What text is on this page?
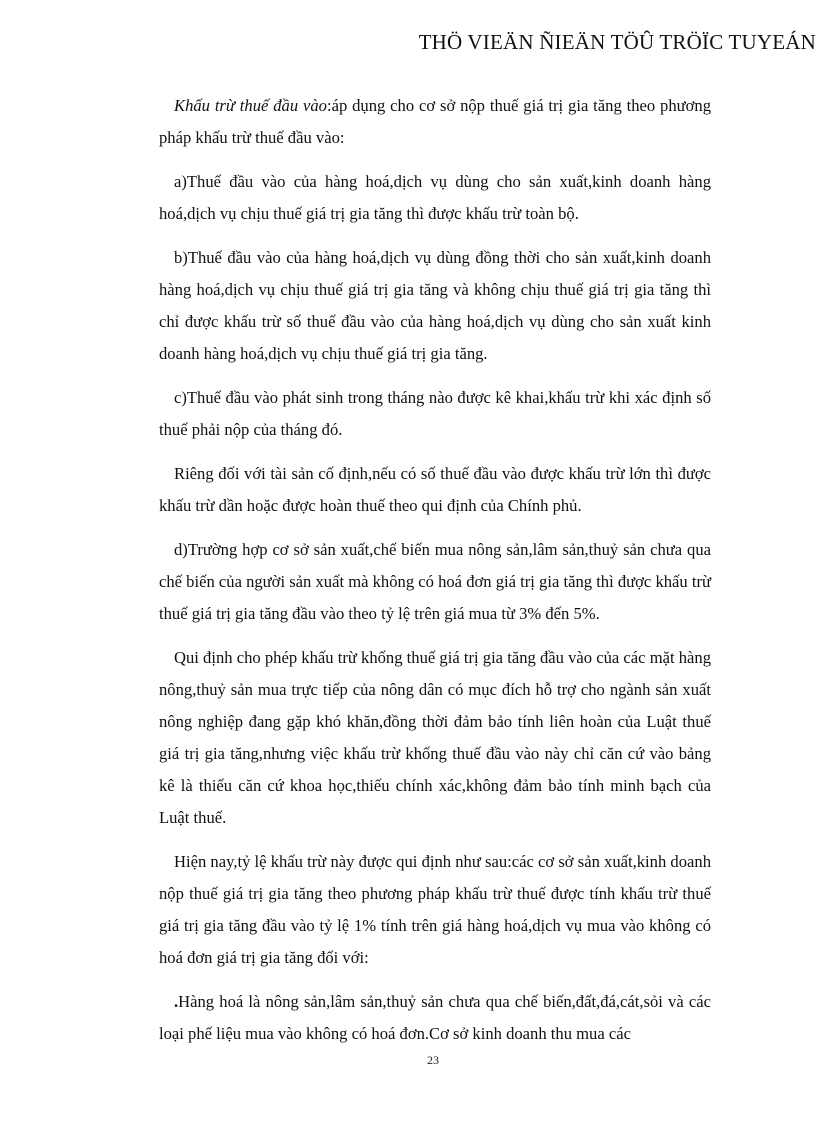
THÖ VIEÄN ÑIEÄN TÖÛ TRÖÏC TUYEÁN

Khấu trừ thuế đầu vào:áp dụng cho cơ sở nộp thuế giá trị gia tăng theo phương pháp khấu trừ thuế đầu vào:

a)Thuế đầu vào của hàng hoá,dịch vụ dùng cho sản xuất,kinh doanh hàng hoá,dịch vụ chịu thuế giá trị gia tăng thì được khấu trừ toàn bộ.

b)Thuế đầu vào của hàng hoá,dịch vụ dùng đồng thời cho sản xuất,kinh doanh hàng hoá,dịch vụ chịu thuế giá trị gia tăng và không chịu thuế giá trị gia tăng thì chỉ được khấu trừ số thuế đầu vào của hàng hoá,dịch vụ dùng cho sản xuất kinh doanh hàng hoá,dịch vụ chịu thuế giá trị gia tăng.

c)Thuế đầu vào phát sinh trong tháng nào được kê khai,khấu trừ khi xác định số thuế phải nộp của tháng đó.

Riêng đối với tài sản cố định,nếu có số thuế đầu vào được khấu trừ lớn thì được khấu trừ dần hoặc được hoàn thuế theo qui định của Chính phủ.

d)Trường hợp cơ sở sản xuất,chế biến mua nông sản,lâm sản,thuỷ sản chưa qua chế biến của người sản xuất mà không có hoá đơn giá trị gia tăng thì được khấu trừ thuế giá trị gia tăng đầu vào theo tỷ lệ trên giá mua từ 3% đến 5%.

Qui định cho phép khấu trừ khống thuế giá trị gia tăng đầu vào của các mặt hàng nông,thuỷ sản mua trực tiếp của nông dân có mục đích hỗ trợ cho ngành sản xuất nông nghiệp đang gặp khó khăn,đồng thời đảm bảo tính liên hoàn của Luật thuế giá trị gia tăng,nhưng việc khấu trừ khống thuế đầu vào này chỉ căn cứ vào bảng kê là thiếu căn cứ khoa học,thiếu chính xác,không đảm bảo tính minh bạch của Luật thuế.

Hiện nay,tỷ lệ khấu trừ này được qui định như sau:các cơ sở sản xuất,kinh doanh nộp thuế giá trị gia tăng theo phương pháp khấu trừ thuế được tính khấu trừ thuế giá trị gia tăng đầu vào tỷ lệ 1% tính trên giá hàng hoá,dịch vụ mua vào không có hoá đơn giá trị gia tăng đối với:

.Hàng hoá là nông sản,lâm sản,thuỷ sản chưa qua chế biến,đất,đá,cát,sỏi và các loại phế liệu mua vào không có hoá đơn.Cơ sở kinh doanh thu mua các

23
